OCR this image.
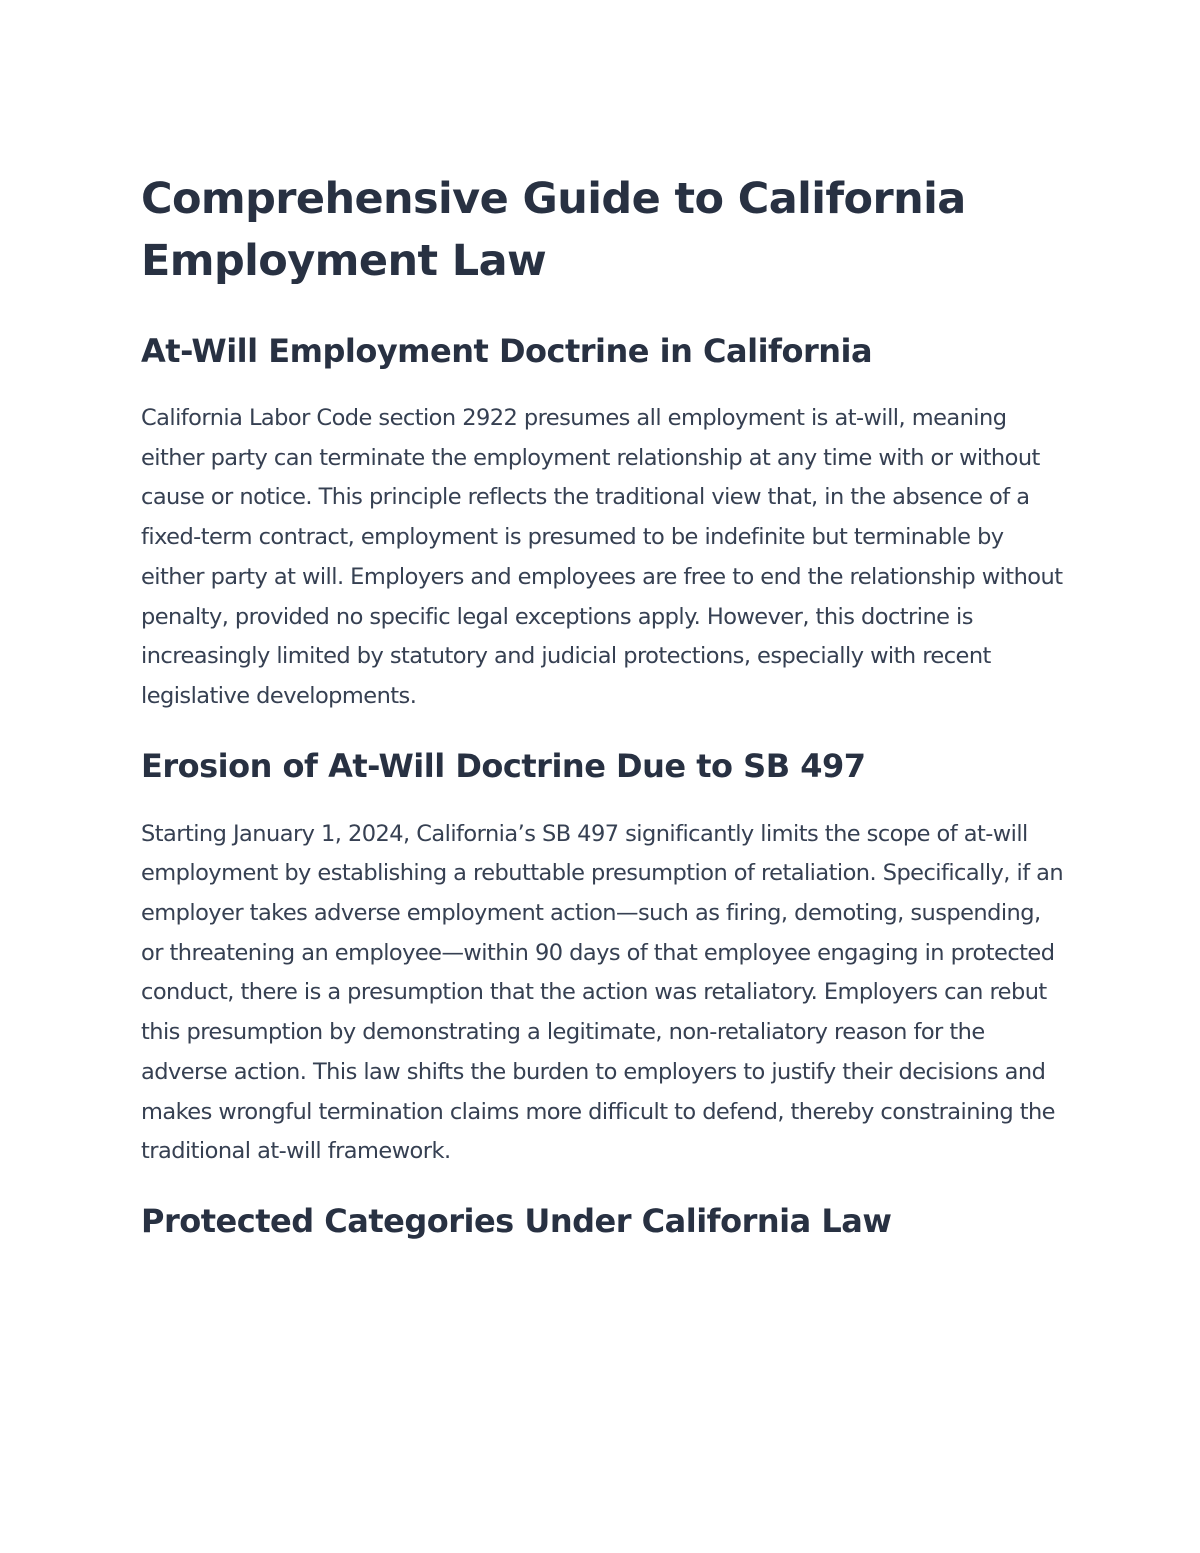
Comprehensive Guide to California Employment Law
At-Will Employment Doctrine in California

California Labor Code section 2922 presumes all employment is at-will, meaning either party can terminate the employment relationship at any time with or without cause or notice. This principle reflects the traditional view that, in the absence of a fixed-term contract, employment is presumed to be indefinite but terminable by either party at will. Employers and employees are free to end the relationship without penalty, provided no specific legal exceptions apply. However, this doctrine is increasingly limited by statutory and judicial protections, especially with recent legislative developments.

Erosion of At-Will Doctrine Due to SB 497

Starting January 1, 2024, California’s SB 497 significantly limits the scope of at-will employment by establishing a rebuttable presumption of retaliation. Specifically, if an employer takes adverse employment action—such as firing, demoting, suspending, or threatening an employee—within 90 days of that employee engaging in protected conduct, there is a presumption that the action was retaliatory. Employers can rebut this presumption by demonstrating a legitimate, non-retaliatory reason for the adverse action. This law shifts the burden to employers to justify their decisions and makes wrongful termination claims more difficult to defend, thereby constraining the traditional at-will framework.

Protected Categories Under California Law
